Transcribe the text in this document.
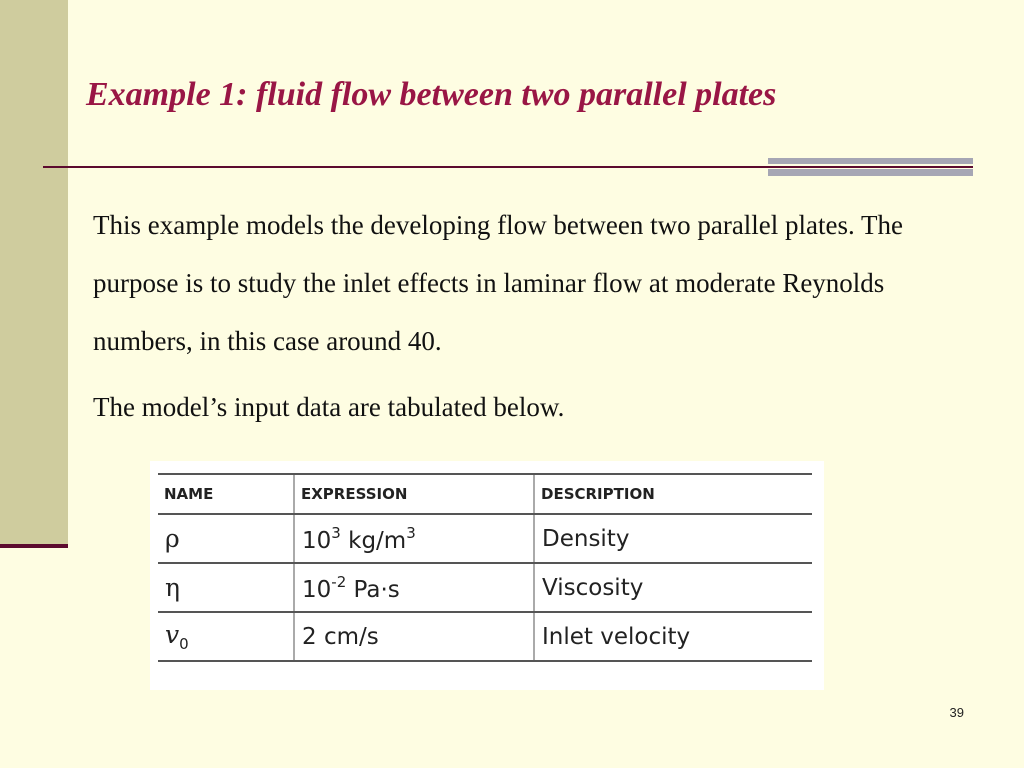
Example 1: fluid flow between two parallel plates

This example models the developing flow between two parallel plates. The purpose is to study the inlet effects in laminar flow at moderate Reynolds numbers, in this case around 40.

The model’s input data are tabulated below.

NAME	EXPRESSION	DESCRIPTION
ρ	$10^3$ $kg/m^3$	Density
η	$10^{-2}$ Pa·s	Viscosity
$v_0$	2 cm/s	Inlet velocity
39
